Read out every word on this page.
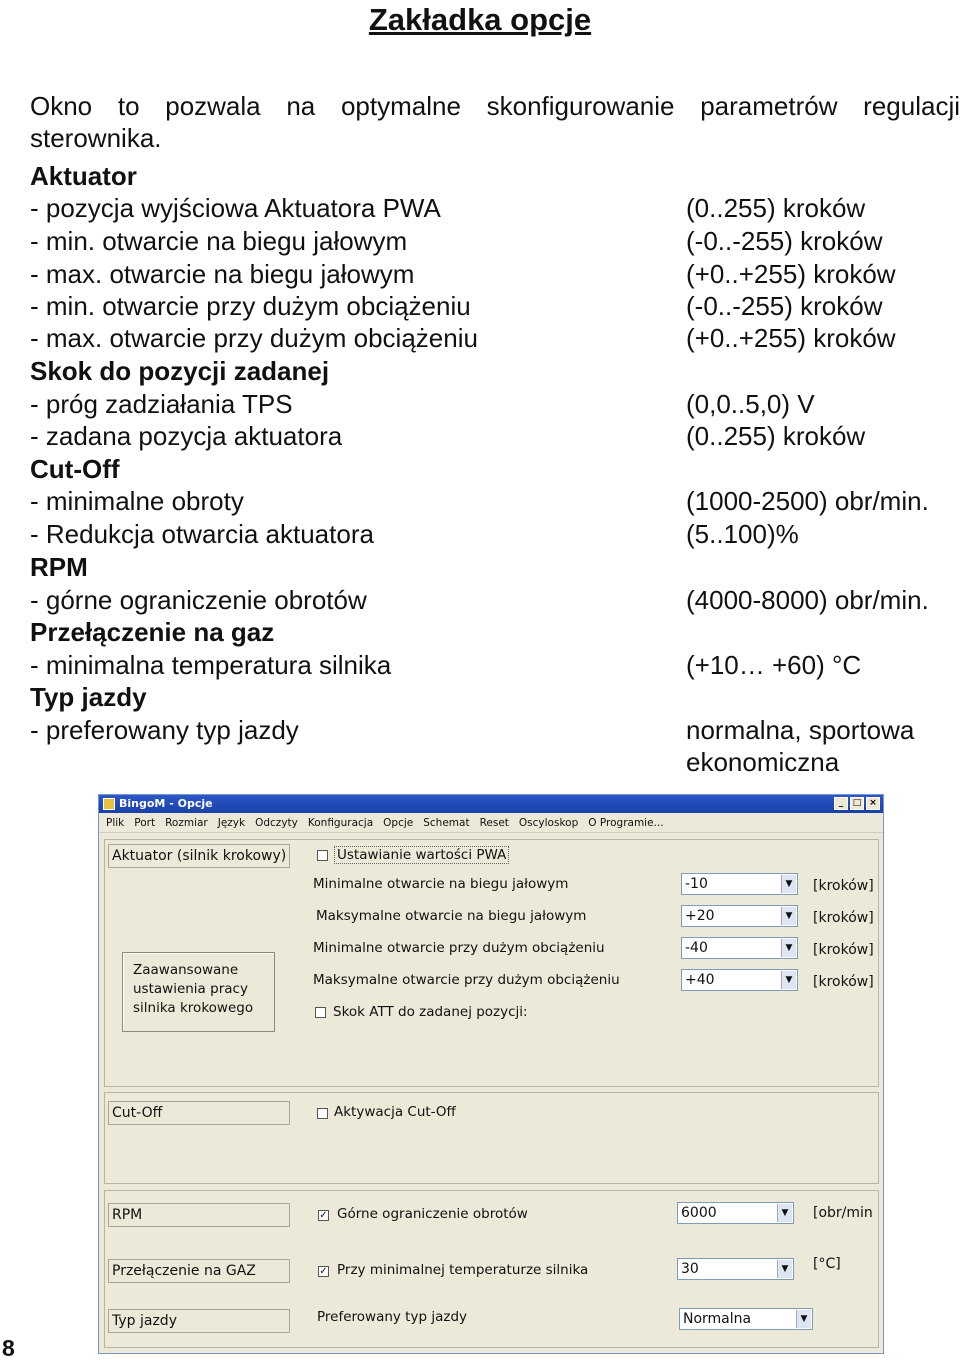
Zakładka opcje
Okno to pozwala na optymalne skonfigurowanie parametrów regulacji sterownika.
Aktuator
- pozycja wyjściowa Aktuatora PWA	(0..255) kroków
- min. otwarcie na biegu jałowym	(-0..-255) kroków
- max. otwarcie na biegu jałowym	(+0..+255) kroków
- min. otwarcie przy dużym obciążeniu	(-0..-255) kroków
- max. otwarcie przy dużym obciążeniu	(+0..+255) kroków
Skok do pozycji zadanej
- próg zadziałania TPS	(0,0..5,0) V
- zadana pozycja aktuatora	(0..255) kroków
Cut-Off
- minimalne obroty	(1000-2500) obr/min.
- Redukcja otwarcia aktuatora	(5..100)%
RPM
- górne ograniczenie obrotów	(4000-8000) obr/min.
Przełączenie na gaz
- minimalna temperatura silnika	(+10… +60) °C
Typ jazdy
- preferowany typ jazdy	normalna, sportowa
ekonomiczna
BingoM - Opcje	_	□ ×
Plik Port Rozmiar Język Odczyty Konfiguracja Opcje Schemat Reset Oscyloskop O Programie...
Aktuator (silnik krokowy)	Ustawianie wartości PWA
Zaawansowane
ustawienia pracy
silnika krokowego
Minimalne otwarcie na biegu jałowym	-10	▼ [kroków]
Maksymalne otwarcie na biegu jałowym	+20	▼ [kroków]
Minimalne otwarcie przy dużym obciążeniu	-40	▼ [kroków]
Maksymalne otwarcie przy dużym obciążeniu	+40	▼ [kroków]
Skok ATT do zadanej pozycji:
Cut-Off	Aktywacja Cut-Off
RPM	✓ Górne ograniczenie obrotów	6000	▼ [obr/min
Przełączenie na GAZ	✓ Przy minimalnej temperaturze silnika	30	▼ [°C]
Typ jazdy	Preferowany typ jazdy	Normalna	▼
8
